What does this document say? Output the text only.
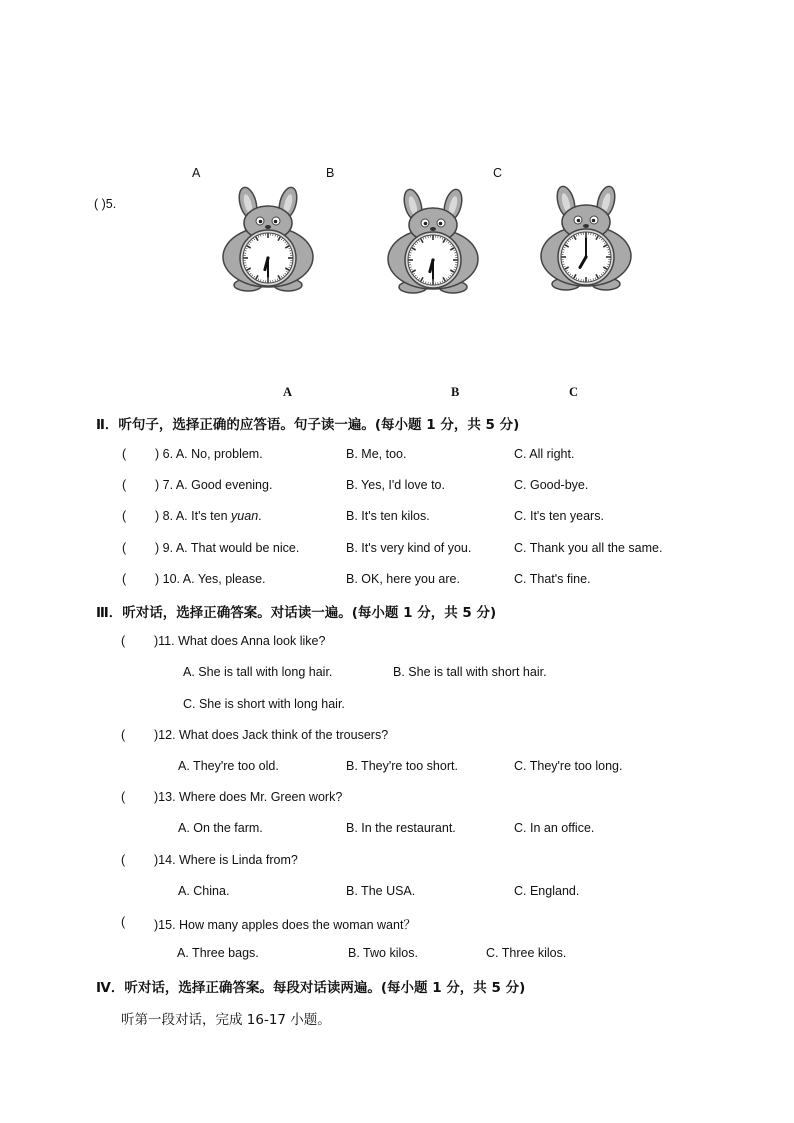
A	B	C
( )5.
A	B	C
Ⅱ．听句子，选择正确的应答语。句子读一遍。(每小题 1 分，共 5 分)
( ) 6. A. No, problem.	B. Me, too.	C. All right.
( ) 7. A. Good evening.	B. Yes, I'd love to.	C. Good-bye.
( ) 8. A. It's ten yuan.	B. It's ten kilos.	C. It's ten years.
( ) 9. A. That would be nice.	B. It's very kind of you.	C. Thank you all the same.
( ) 10. A. Yes, please.	B. OK, here you are.	C. That's fine.
Ⅲ．听对话，选择正确答案。对话读一遍。(每小题 1 分，共 5 分)
( )11. What does Anna look like?
A. She is tall with long hair.	B. She is tall with short hair.
C. She is short with long hair.
( )12. What does Jack think of the trousers?
A. They're too old.	B. They're too short.	C. They're too long.
( )13. Where does Mr. Green work?
A. On the farm.	B. In the restaurant.	C. In an office.
( )14. Where is Linda from?
A. China.	B. The USA.	C. England.
( )15. How many apples does the woman want？
A. Three bags.	B. Two kilos.	C. Three kilos.
Ⅳ．听对话，选择正确答案。每段对话读两遍。(每小题 1 分，共 5 分)
听第一段对话，完成 16-17 小题。
